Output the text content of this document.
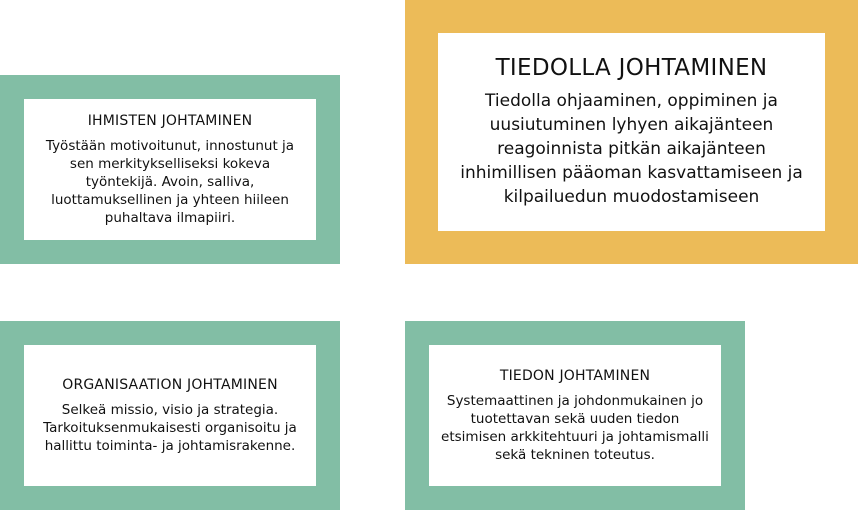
IHMISTEN JOHTAMINEN
Työstään motivoitunut, innostunut ja sen merkitykselliseksi kokeva työntekijä. Avoin, salliva, luottamuksellinen ja yhteen hiileen puhaltava ilmapiiri.
TIEDOLLA JOHTAMINEN
Tiedolla ohjaaminen, oppiminen ja uusiutuminen lyhyen aikajänteen reagoinnista pitkän aikajänteen inhimillisen pääoman kasvattamiseen ja kilpailuedun muodostamiseen
ORGANISAATION JOHTAMINEN
Selkeä missio, visio ja strategia. Tarkoituksenmukaisesti organisoitu ja hallittu toiminta- ja johtamisrakenne.
TIEDON JOHTAMINEN
Systemaattinen ja johdonmukainen jo tuotettavan sekä uuden tiedon etsimisen arkkitehtuuri ja johtamismalli sekä tekninen toteutus.
